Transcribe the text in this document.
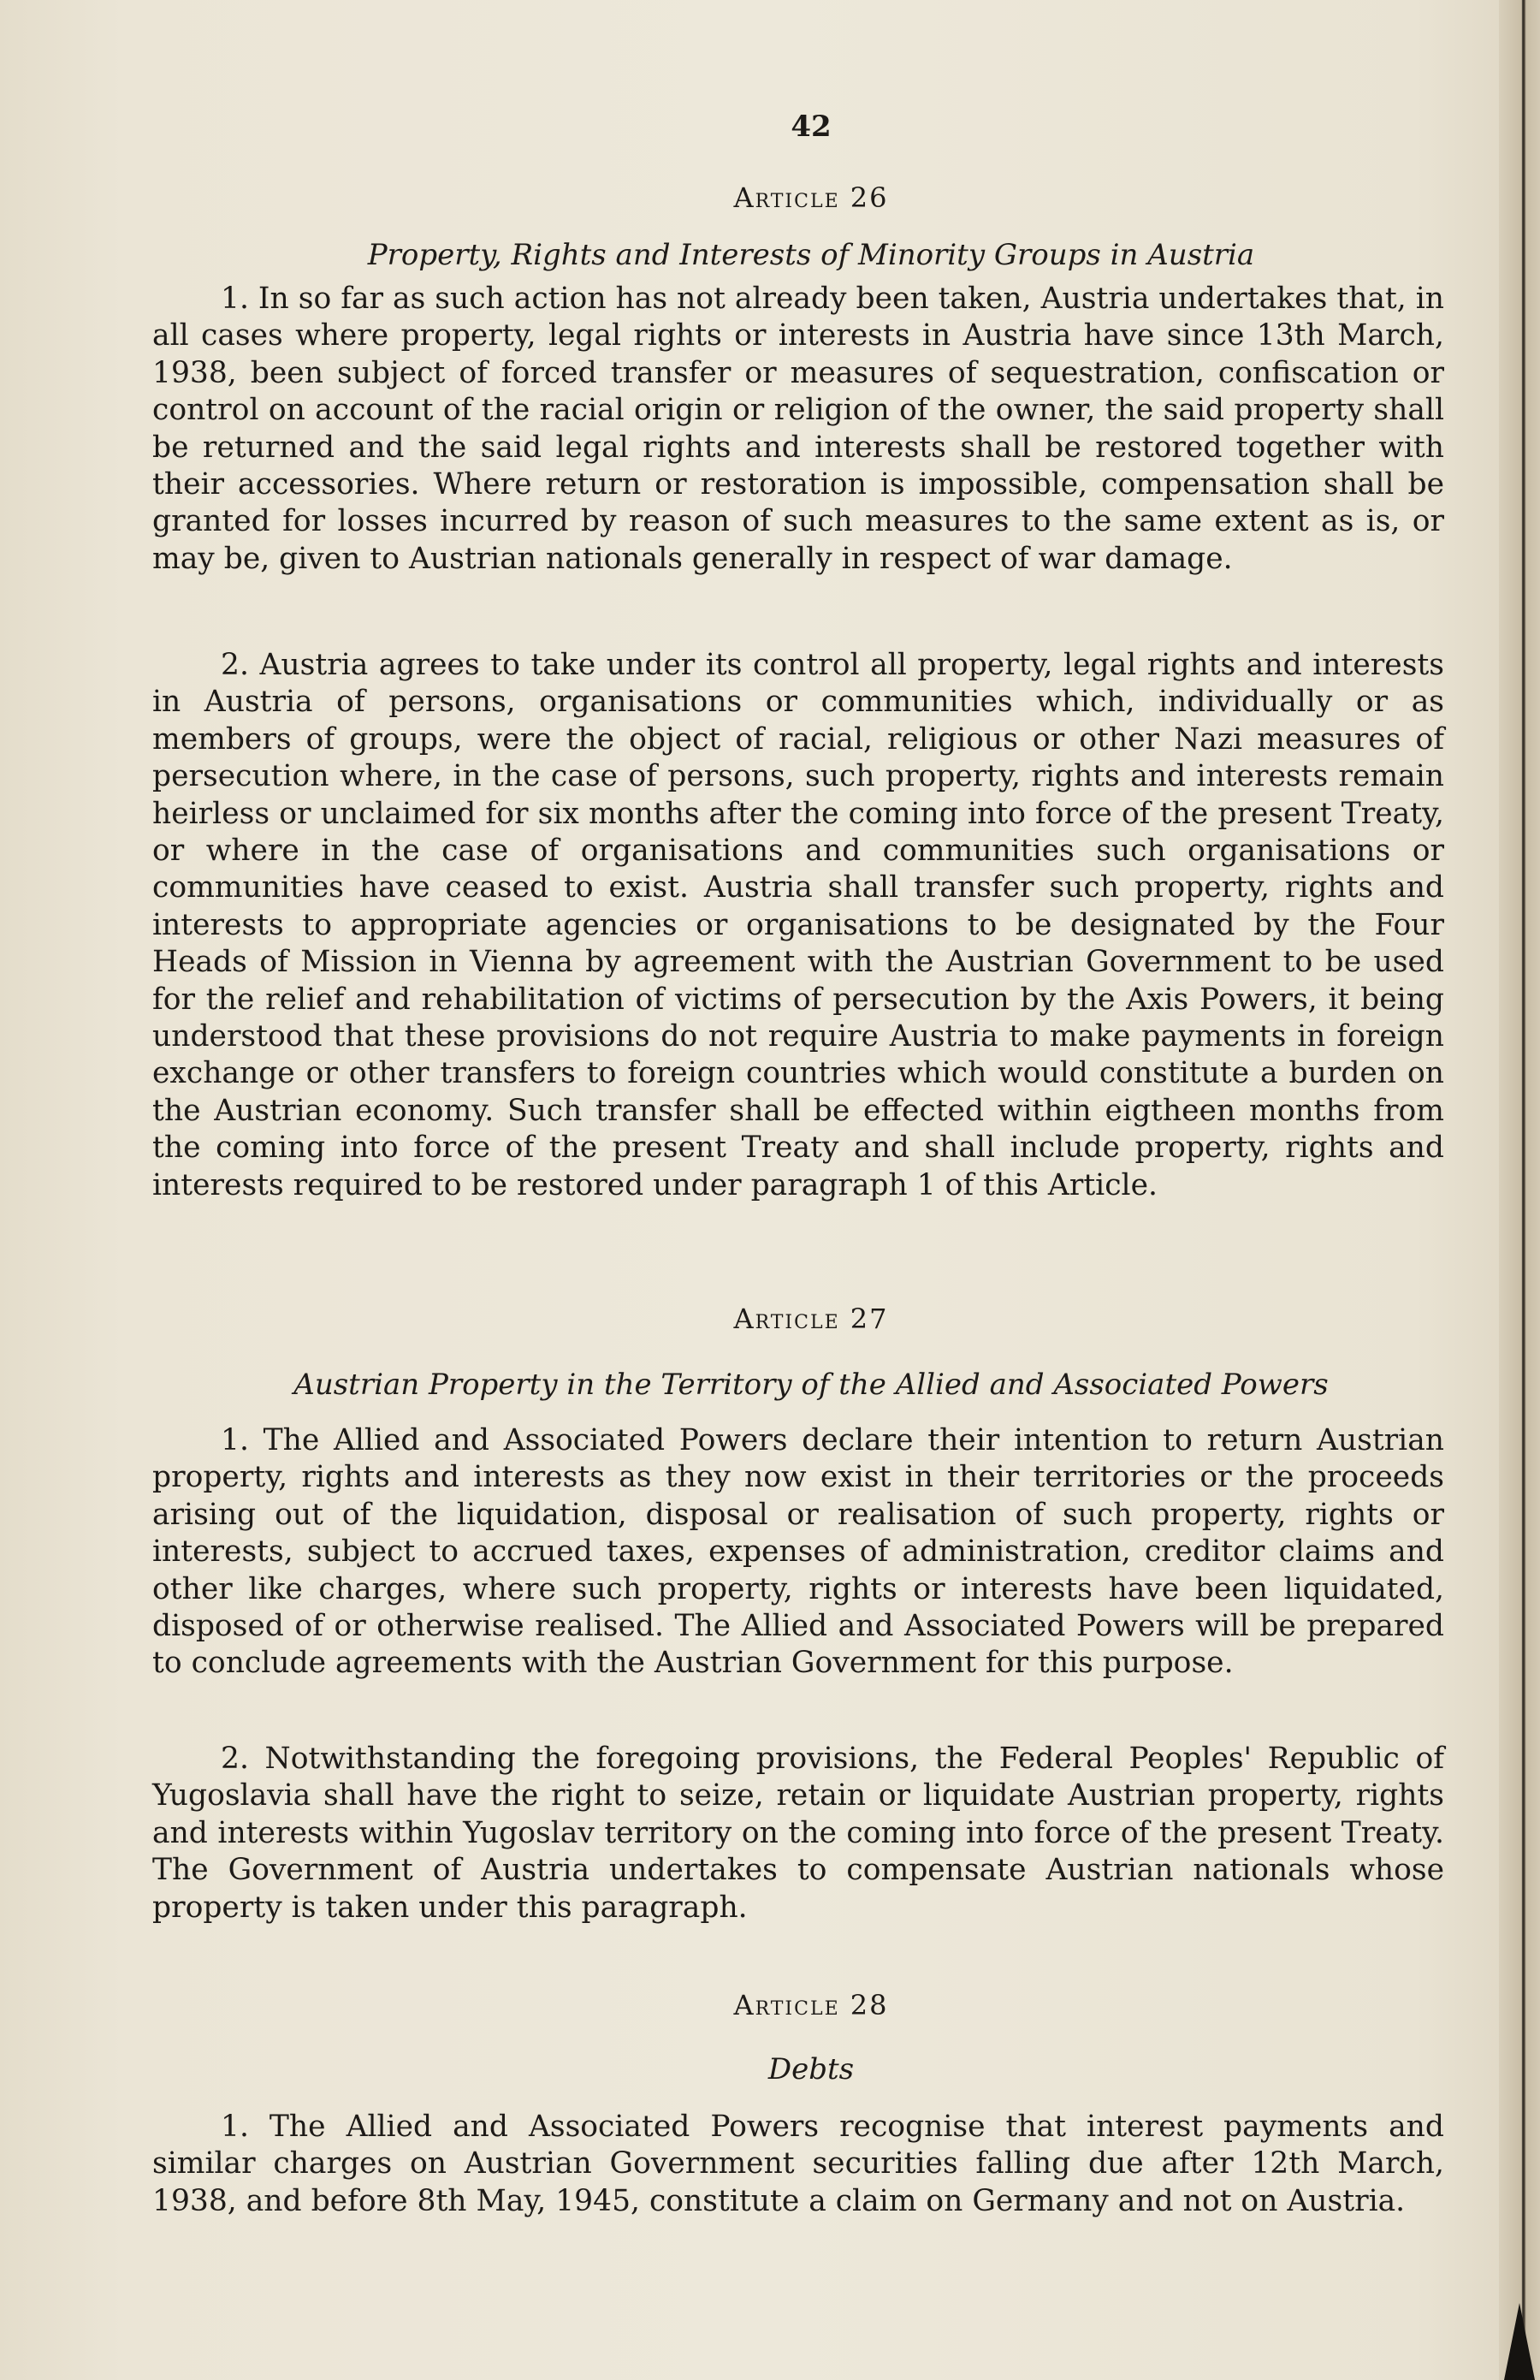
42
Article 26
Property, Rights and Interests of Minority Groups in Austria

1. In so far as such action has not already been taken, Austria undertakes that, in all cases where property, legal rights or interests in Austria have since 13th March, 1938, been subject of forced transfer or measures of sequestration, confiscation or control on account of the racial origin or religion of the owner, the said property shall be returned and the said legal rights and interests shall be restored together with their accessories. Where return or restoration is impossible, compensation shall be granted for losses incurred by reason of such measures to the same extent as is, or may be, given to Austrian nationals generally in respect of war damage.

2. Austria agrees to take under its control all property, legal rights and interests in Austria of persons, organisations or communities which, individually or as members of groups, were the object of racial, religious or other Nazi measures of persecution where, in the case of persons, such property, rights and interests remain heirless or unclaimed for six months after the coming into force of the present Treaty, or where in the case of organisations and communities such organisations or communities have ceased to exist. Austria shall transfer such property, rights and interests to appropriate agencies or organisations to be designated by the Four Heads of Mission in Vienna by agreement with the Austrian Government to be used for the relief and rehabilitation of victims of persecution by the Axis Powers, it being understood that these provisions do not require Austria to make payments in foreign exchange or other transfers to foreign countries which would constitute a burden on the Austrian economy. Such transfer shall be effected within eigtheen months from the coming into force of the present Treaty and shall include property, rights and interests required to be restored under paragraph 1 of this Article.

Article 27
Austrian Property in the Territory of the Allied and Associated Powers

1. The Allied and Associated Powers declare their intention to return Austrian property, rights and interests as they now exist in their territories or the proceeds arising out of the liquidation, disposal or realisation of such property, rights or interests, subject to accrued taxes, expenses of administration, creditor claims and other like charges, where such property, rights or interests have been liquidated, disposed of or otherwise realised. The Allied and Associated Powers will be prepared to conclude agreements with the Austrian Government for this purpose.

2. Notwithstanding the foregoing provisions, the Federal Peoples' Republic of Yugoslavia shall have the right to seize, retain or liquidate Austrian property, rights and interests within Yugoslav territory on the coming into force of the present Treaty. The Government of Austria undertakes to compensate Austrian nationals whose property is taken under this paragraph.

Article 28
Debts

1. The Allied and Associated Powers recognise that interest payments and similar charges on Austrian Government securities falling due after 12th March, 1938, and before 8th May, 1945, constitute a claim on Germany and not on Austria.
